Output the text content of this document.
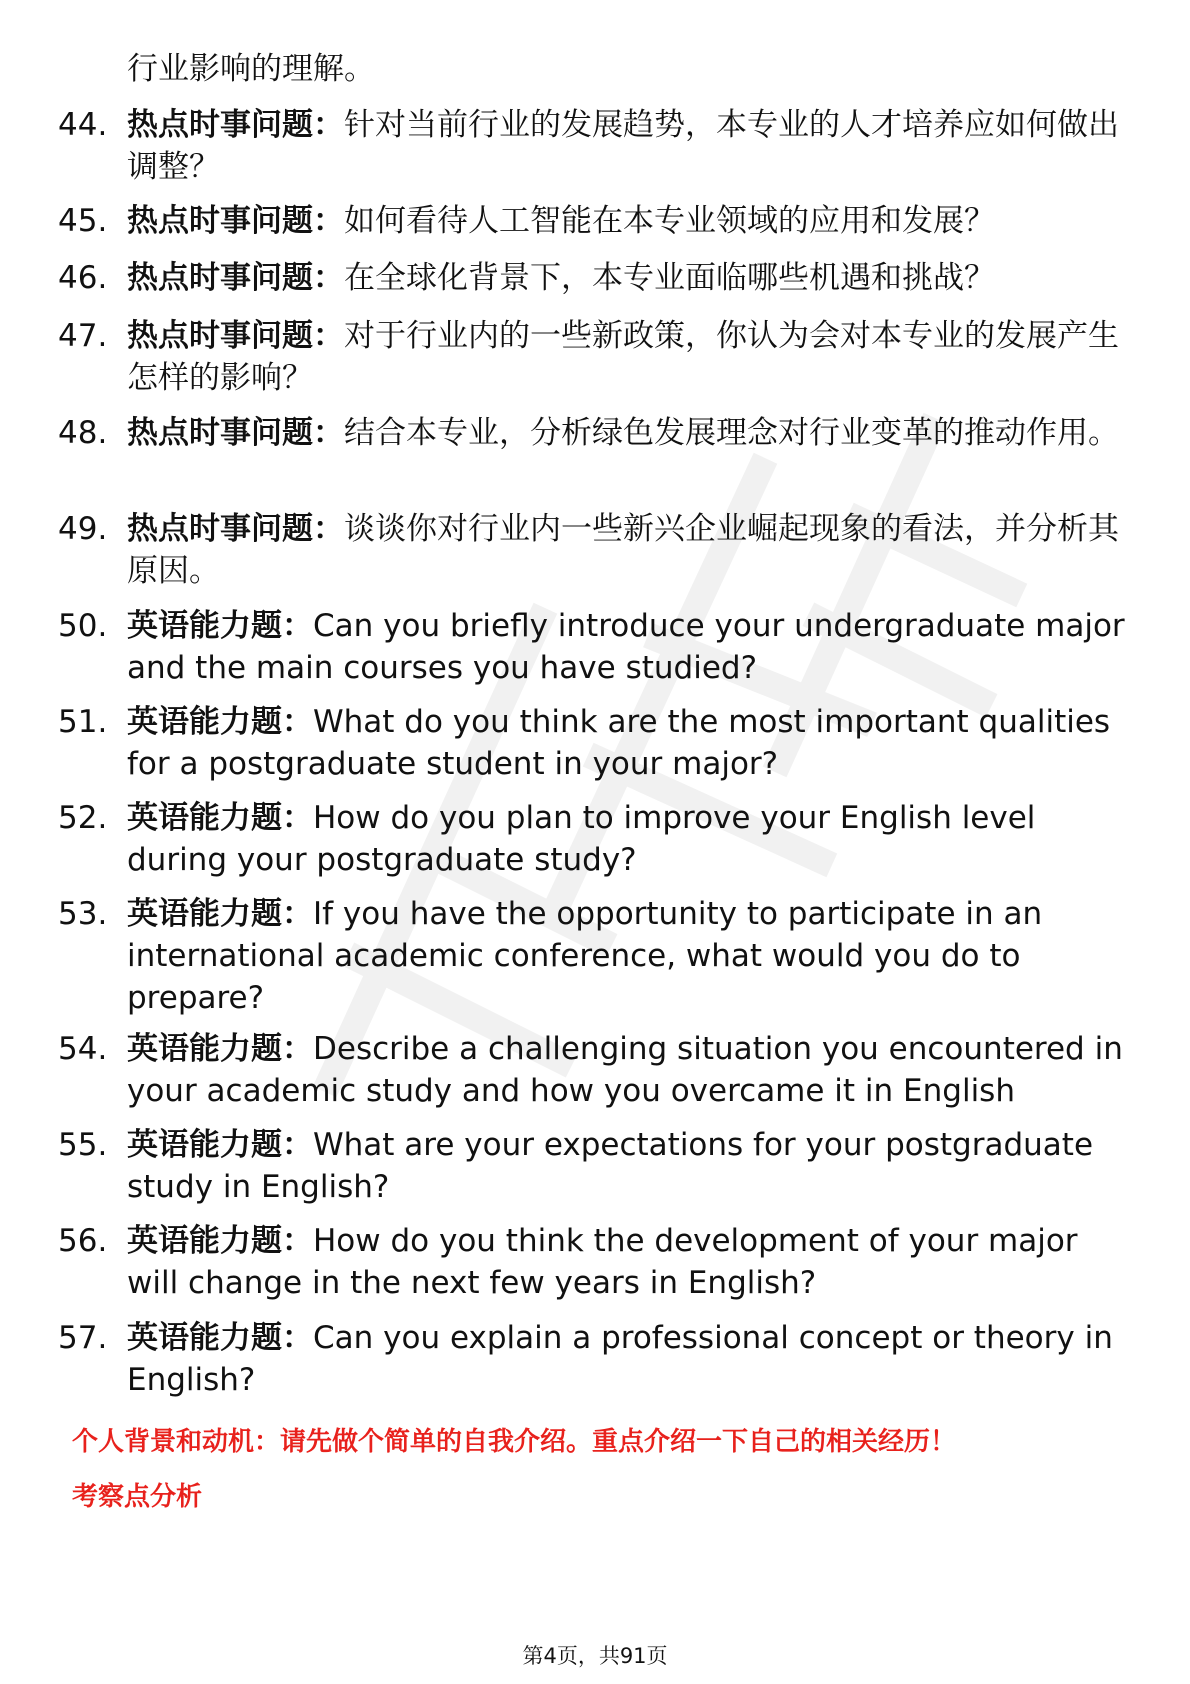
行业影响的理解。
44. 热点时事问题：针对当前行业的发展趋势，本专业的人才培养应如何做出调整？
45. 热点时事问题：如何看待人工智能在本专业领域的应用和发展？
46. 热点时事问题：在全球化背景下，本专业面临哪些机遇和挑战？
47. 热点时事问题：对于行业内的一些新政策，你认为会对本专业的发展产生怎样的影响？
48. 热点时事问题：结合本专业，分析绿色发展理念对行业变革的推动作用。
49. 热点时事问题：谈谈你对行业内一些新兴企业崛起现象的看法，并分析其原因。
50. 英语能力题：Can you briefly introduce your undergraduate major and the main courses you have studied?
51. 英语能力题：What do you think are the most important qualities for a postgraduate student in your major?
52. 英语能力题：How do you plan to improve your English level during your postgraduate study?
53. 英语能力题：If you have the opportunity to participate in an international academic conference, what would you do to prepare?
54. 英语能力题：Describe a challenging situation you encountered in your academic study and how you overcame it in English
55. 英语能力题：What are your expectations for your postgraduate study in English?
56. 英语能力题：How do you think the development of your major will change in the next few years in English?
57. 英语能力题：Can you explain a professional concept or theory in English?
个人背景和动机：请先做个简单的自我介绍。重点介绍一下自己的相关经历！
考察点分析
第4页，共91页
